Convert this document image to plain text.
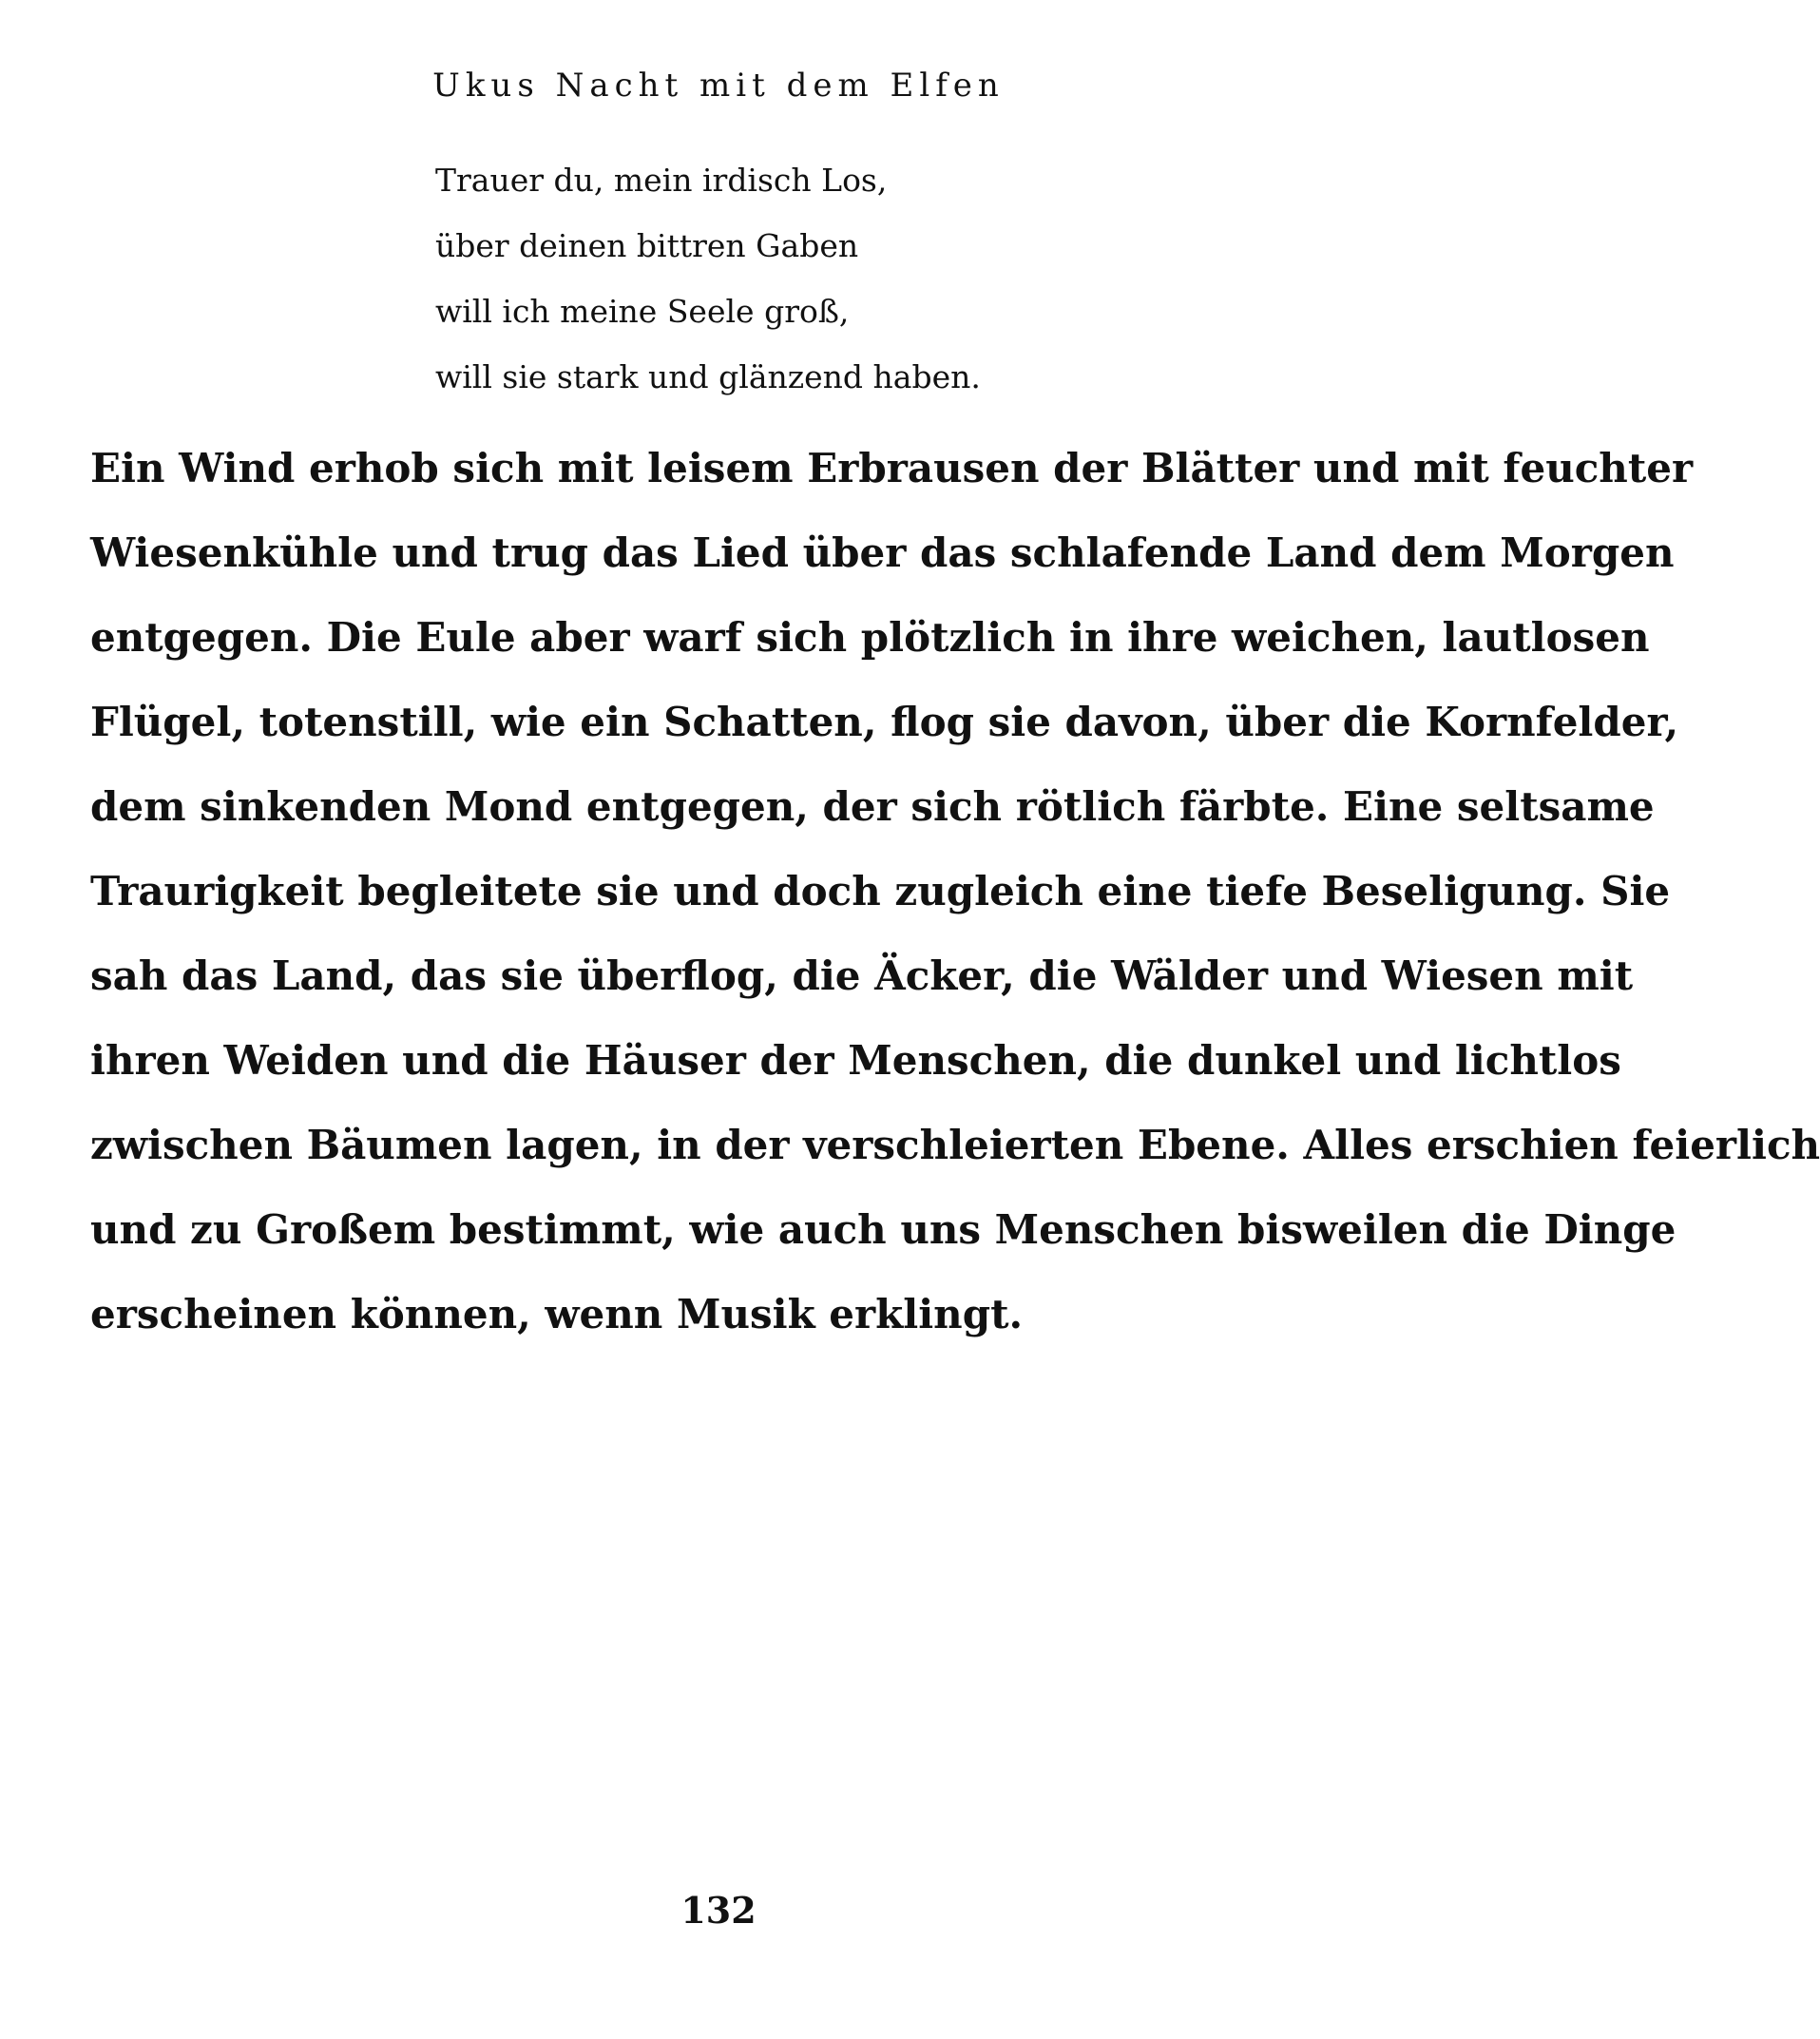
Ukus Nacht mit dem Elfen
Trauer du, mein irdisch Los,
über deinen bittren Gaben
will ich meine Seele groß,
will sie stark und glänzend haben.
Ein Wind erhob sich mit leisem Erbrausen der Blätter und mit feuchter
Wiesenkühle und trug das Lied über das schlafende Land dem Morgen
entgegen. Die Eule aber warf sich plötzlich in ihre weichen, lautlosen
Flügel, totenstill, wie ein Schatten, flog sie davon, über die Kornfelder,
dem sinkenden Mond entgegen, der sich rötlich färbte. Eine seltsame
Traurigkeit begleitete sie und doch zugleich eine tiefe Beseligung. Sie
sah das Land, das sie überflog, die Äcker, die Wälder und Wiesen mit
ihren Weiden und die Häuser der Menschen, die dunkel und lichtlos
zwischen Bäumen lagen, in der verschleierten Ebene. Alles erschien feierlich
und zu Großem bestimmt, wie auch uns Menschen bisweilen die Dinge
erscheinen können, wenn Musik erklingt.
132
